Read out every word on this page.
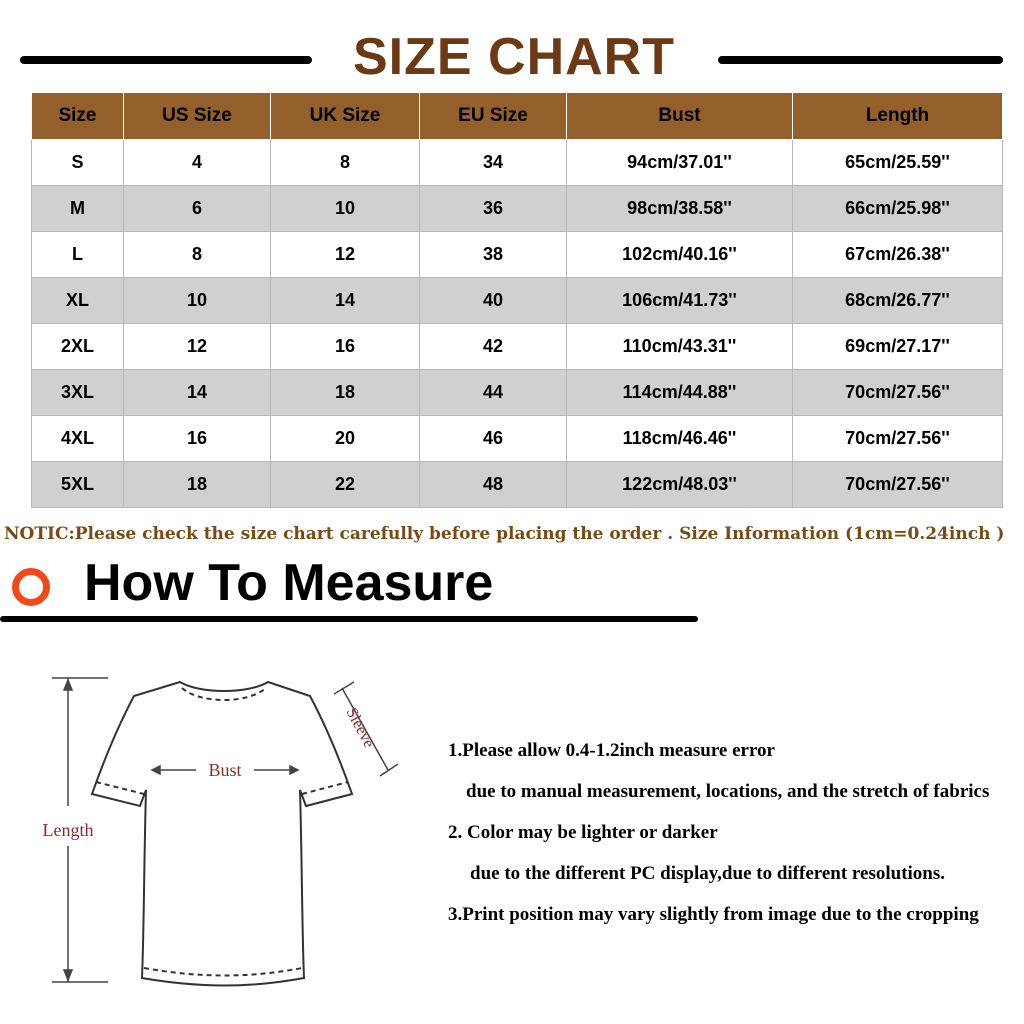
SIZE CHART
Size	US Size	UK Size	EU Size	Bust	Length
S	4	8	34	94cm/37.01''	65cm/25.59''
M	6	10	36	98cm/38.58''	66cm/25.98''
L	8	12	38	102cm/40.16''	67cm/26.38''
XL	10	14	40	106cm/41.73''	68cm/26.77''
2XL	12	16	42	110cm/43.31''	69cm/27.17''
3XL	14	18	44	114cm/44.88''	70cm/27.56''
4XL	16	20	46	118cm/46.46''	70cm/27.56''
5XL	18	22	48	122cm/48.03''	70cm/27.56''
NOTIC:Please check the size chart carefully before placing the order . Size Information (1cm=0.24inch )
How To Measure
Bust
Length
Sleeve	1.Please allow 0.4-1.2inch measure error
due to manual measurement, locations, and the stretch of fabrics
2. Color may be lighter or darker
due to the different PC display,due to different resolutions.
3.Print position may vary slightly from image due to the cropping
